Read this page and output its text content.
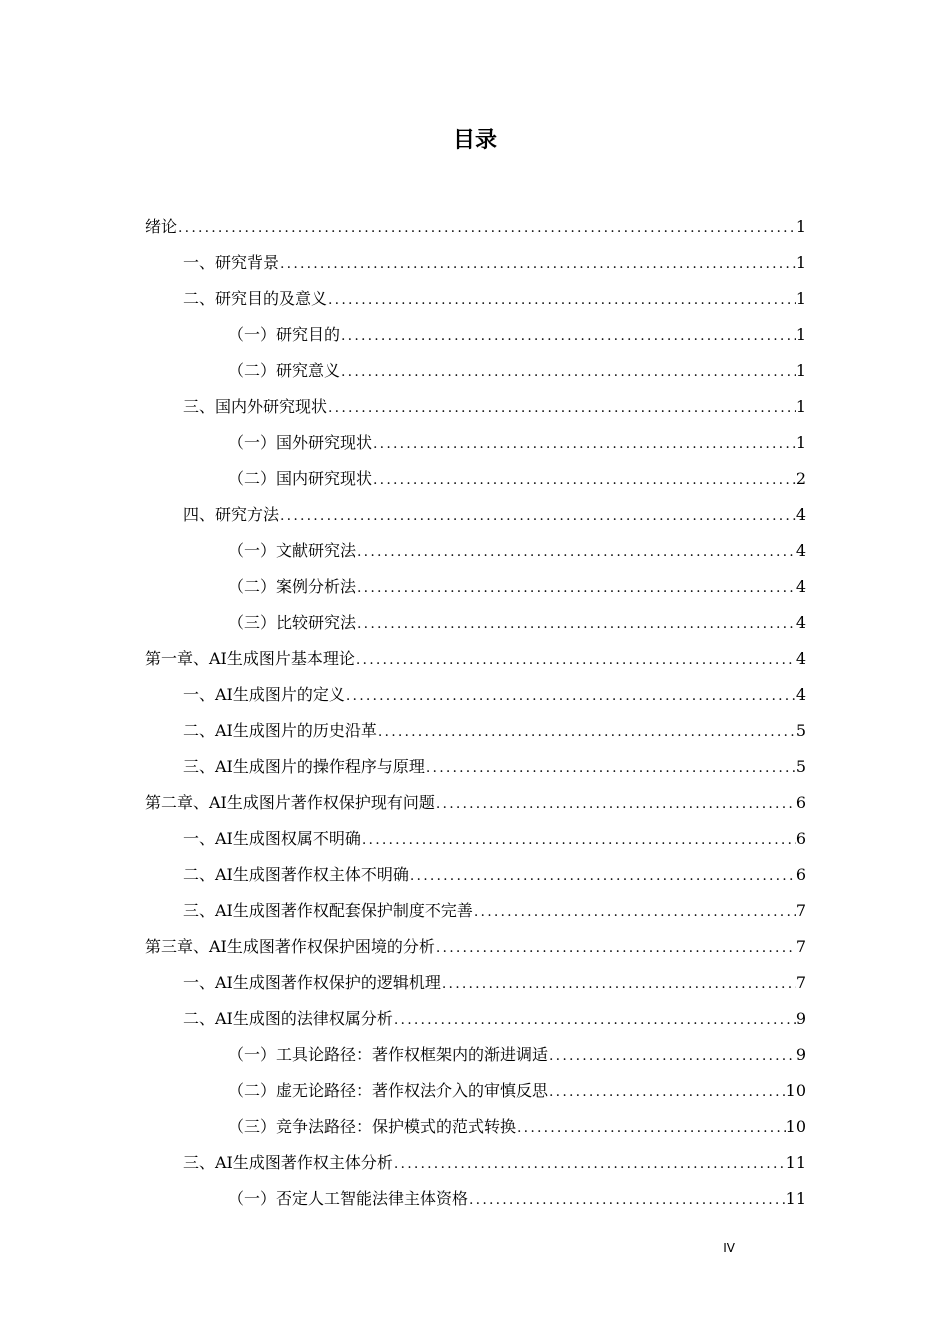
目录
绪论 .....	1
一、研究背景 .....	1
二、研究目的及意义 .....	1
（一）研究目的 .....	1
（二）研究意义 .....	1
三、国内外研究现状 .....	1
（一）国外研究现状 .....	1
（二）国内研究现状 .....	2
四、研究方法 .....	4
（一）文献研究法 .....	4
（二）案例分析法 .....	4
（三）比较研究法 .....	4
第一章、AI生成图片基本理论 .....	4
一、AI生成图片的定义 .....	4
二、AI生成图片的历史沿革 .....	5
三、AI生成图片的操作程序与原理 .....	5
第二章、AI生成图片著作权保护现有问题 .....	6
一、AI生成图权属不明确 .....	6
二、AI生成图著作权主体不明确 .....	6
三、AI生成图著作权配套保护制度不完善 .....	7
第三章、AI生成图著作权保护困境的分析 .....	7
一、AI生成图著作权保护的逻辑机理 .....	7
二、AI生成图的法律权属分析 .....	9
（一）工具论路径：著作权框架内的渐进调适 .....	9
（二）虚无论路径：著作权法介入的审慎反思 .....	10
（三）竞争法路径：保护模式的范式转换 .....	10
三、AI生成图著作权主体分析 .....	11
（一）否定人工智能法律主体资格 .....	11
IV
